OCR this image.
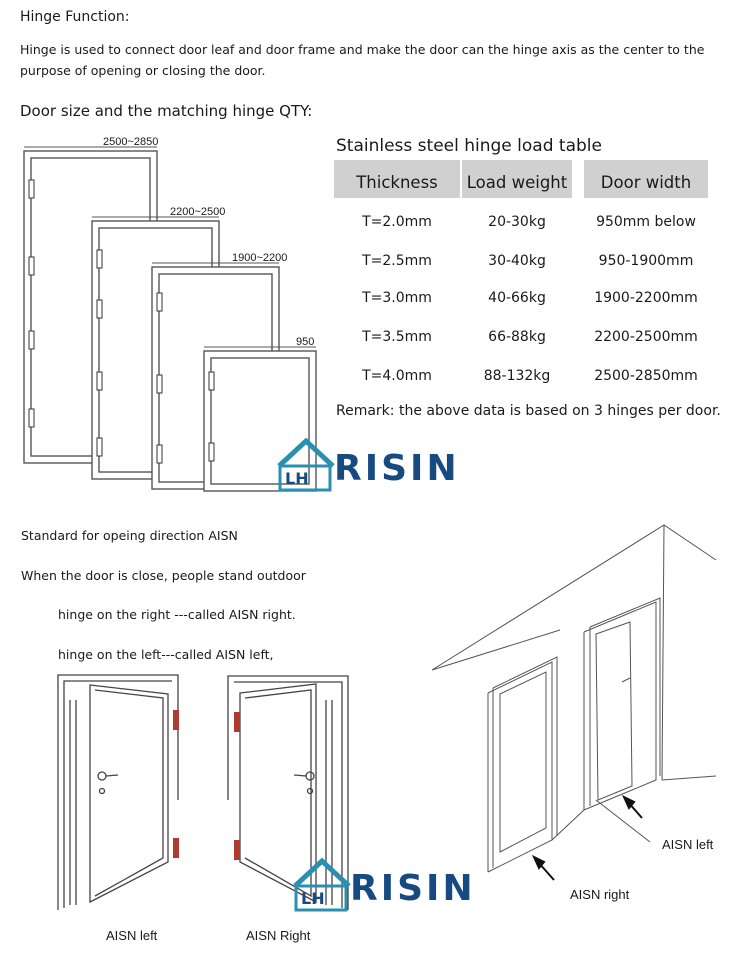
Hinge Function:
Hinge is used to connect door leaf and door frame and make the door can the hinge axis as the center to the
purpose of opening or closing the door.
Door size and the matching hinge QTY:
2500~2850
2200~2500
1900~2200
950
Stainless steel hinge load table
Thickness	Load weight	Door width
T=2.0mm	20-30kg	950mm below
T=2.5mm	30-40kg	950-1900mm
T=3.0mm	40-66kg	1900-2200mm
T=3.5mm	66-88kg	2200-2500mm
T=4.0mm	88-132kg	2500-2850mm
Remark: the above data is based on 3 hinges per door.
LH RISIN
Standard for opeing direction AISN
When the door is close, people stand outdoor
hinge on the right ---called AISN right.
hinge on the left---called AISN left,
AISN left	AISN Right
AISN right
AISN left
LH RISIN
